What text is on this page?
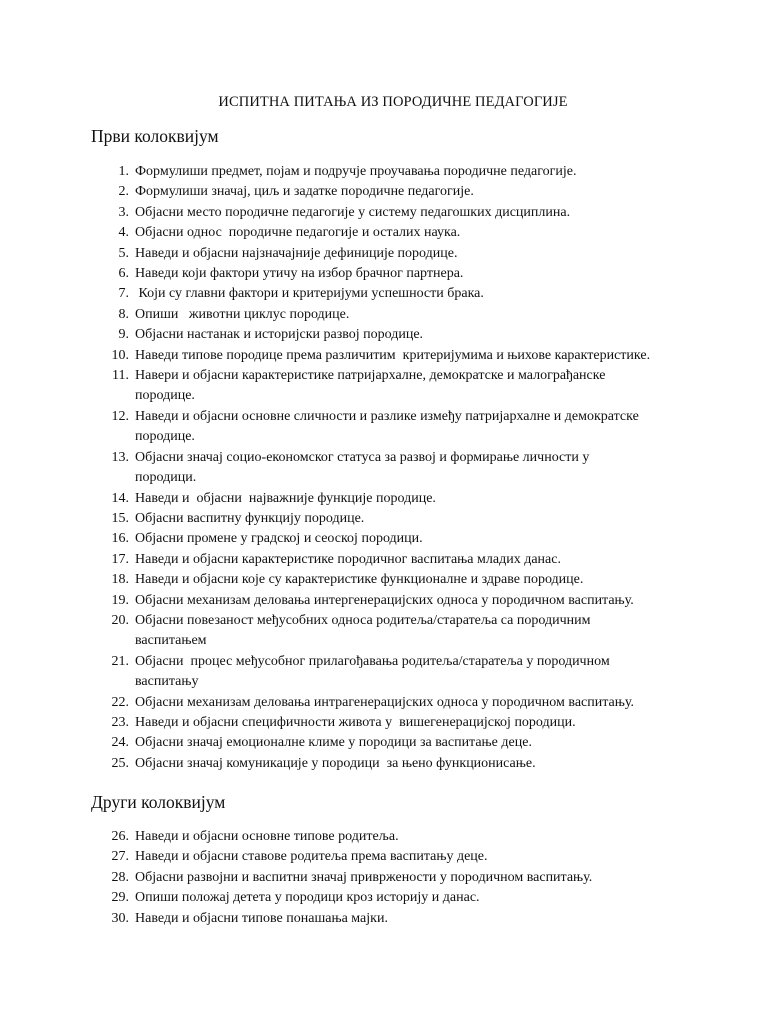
ИСПИТНА ПИТАЊА ИЗ ПОРОДИЧНЕ ПЕДАГОГИЈЕ
Први колоквијум
1. Формулиши предмет, појам и подручје проучавања породичне педагогије.
2. Формулиши значај, циљ и задатке породичне педагогије.
3. Објасни место породичне педагогије у систему педагошких дисциплина.
4. Објасни однос  породичне педагогије и осталих наука.
5. Наведи и објасни најзначајније дефиниције породице.
6. Наведи који фактори утичу на избор брачног партнера.
7. Који су главни фактори и критеријуми успешности брака.
8. Опиши   животни циклус породице.
9. Објасни настанак и историјски развој породице.
10. Наведи типове породице према различитим  критеријумима и њихове карактеристике.
11. Навери и објасни карактеристике патријархалне, демократске и малограђанске
породице.
12. Наведи и објасни основне сличности и разлике између патријархалне и демократске
породице.
13. Објасни значај социо-економског статуса за развој и формирање личности у
породици.
14. Наведи и  објасни  најважније функције породице.
15. Објасни васпитну функцију породице.
16. Објасни промене у градској и сеоској породици.
17. Наведи и објасни карактеристике породичног васпитања младих данас.
18. Наведи и објасни које су карактеристике функционалне и здраве породице.
19. Објасни механизам деловања интергенерацијских односа у породичном васпитању.
20. Објасни повезаност међусобних односа родитеља/старатеља са породичним
васпитањем
21. Објасни  процес међусобног прилагођавања родитеља/старатеља у породичном
васпитању
22. Објасни механизам деловања интрагенерацијских односа у породичном васпитању.
23. Наведи и објасни специфичности живота у  вишегенерацијској породици.
24. Објасни значај емоционалне климе у породици за васпитање деце.
25. Објасни значај комуникације у породици  за њено функционисање.
Други колоквијум
26. Наведи и објасни основне типове родитеља.
27. Наведи и објасни ставове родитеља према васпитању деце.
28. Објасни развојни и васпитни значај привржености у породичном васпитању.
29. Опиши положај детета у породици кроз историју и данас.
30. Наведи и објасни типове понашања мајки.
